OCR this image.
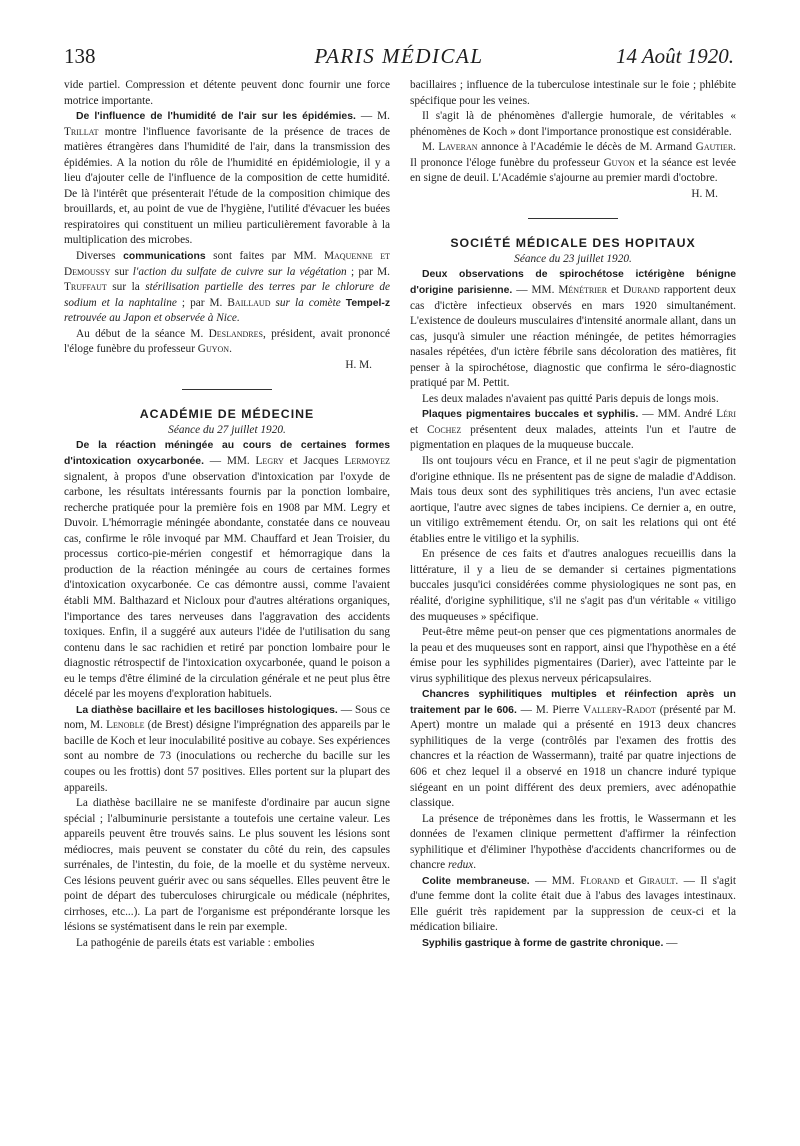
138	PARIS MÉDICAL	14 Août 1920.

vide partiel. Compression et détente peuvent donc fournir une force motrice importante.

De l'influence de l'humidité de l'air sur les épidémies. — M. Trillat montre l'influence favorisante de la présence de traces de matières étrangères dans l'humidité de l'air, dans la transmission des épidémies. A la notion du rôle de l'humidité en épidémiologie, il y a lieu d'ajouter celle de l'influence de la composition de cette humidité. De là l'intérêt que présenterait l'étude de la composition chimique des brouillards, et, au point de vue de l'hygiène, l'utilité d'évacuer les buées respiratoires qui constituent un milieu particulièrement favorable à la multiplication des microbes.

Diverses communications sont faites par MM. Maquenne et Demoussy sur l'action du sulfate de cuivre sur la végétation ; par M. Truffaut sur la stérilisation partielle des terres par le chlorure de sodium et la naphtaline ; par M. Baillaud sur la comète Tempel-z retrouvée au Japon et observée à Nice.

Au début de la séance M. Deslandres, président, avait prononcé l'éloge funèbre du professeur Guyon.

H. M.

ACADÉMIE DE MÉDECINE

Séance du 27 juillet 1920.

De la réaction méningée au cours de certaines formes d'intoxication oxycarbonée. — MM. Legry et Jacques Lermoyez signalent, à propos d'une observation d'intoxication par l'oxyde de carbone, les résultats intéressants fournis par la ponction lombaire, recherche pratiquée pour la première fois en 1908 par MM. Legry et Duvoir. L'hémorragie méningée abondante, constatée dans ce nouveau cas, confirme le rôle invoqué par MM. Chauffard et Jean Troisier, du processus cortico-pie-mérien congestif et hémorragique dans la production de la réaction méningée au cours de certaines formes d'intoxication oxycarbonée. Ce cas démontre aussi, comme l'avaient établi MM. Balthazard et Nicloux pour d'autres altérations organiques, l'importance des tares nerveuses dans l'aggravation des accidents toxiques. Enfin, il a suggéré aux auteurs l'idée de l'utilisation du sang contenu dans le sac rachidien et retiré par ponction lombaire pour le diagnostic rétrospectif de l'intoxication oxycarbonée, quand le poison a eu le temps d'être éliminé de la circulation générale et ne peut plus être décelé par les moyens d'exploration habituels.

La diathèse bacillaire et les bacilloses histologiques. — Sous ce nom, M. Lenoble (de Brest) désigne l'imprégnation des appareils par le bacille de Koch et leur inoculabilité positive au cobaye. Ses expériences sont au nombre de 73 (inoculations ou recherche du bacille sur les coupes ou les frottis) dont 57 positives. Elles portent sur la plupart des appareils.

La diathèse bacillaire ne se manifeste d'ordinaire par aucun signe spécial ; l'albuminurie persistante a toutefois une certaine valeur. Les appareils peuvent être trouvés sains. Le plus souvent les lésions sont médiocres, mais peuvent se constater du côté du rein, des capsules surrénales, de l'intestin, du foie, de la moelle et du système nerveux. Ces lésions peuvent guérir avec ou sans séquelles. Elles peuvent être le point de départ des tuberculoses chirurgicale ou médicale (néphrites, cirrhoses, etc...). La part de l'organisme est prépondérante lorsque les lésions se systématisent dans le rein par exemple.

La pathogénie de pareils états est variable : embolies

bacillaires ; influence de la tuberculose intestinale sur le foie ; phlébite spécifique pour les veines.

Il s'agit là de phénomènes d'allergie humorale, de véritables « phénomènes de Koch » dont l'importance pronostique est considérable.

M. Laveran annonce à l'Académie le décès de M. Armand Gautier. Il prononce l'éloge funèbre du professeur Guyon et la séance est levée en signe de deuil. L'Académie s'ajourne au premier mardi d'octobre.

H. M.

SOCIÉTÉ MÉDICALE DES HOPITAUX

Séance du 23 juillet 1920.

Deux observations de spirochétose ictérigène bénigne d'origine parisienne. — MM. Ménétrier et Durand rapportent deux cas d'ictère infectieux observés en mars 1920 simultanément. L'existence de douleurs musculaires d'intensité anormale allant, dans un cas, jusqu'à simuler une réaction méningée, de petites hémorragies nasales répétées, d'un ictère fébrile sans décoloration des matières, fit penser à la spirochétose, diagnostic que confirma le séro-diagnostic pratiqué par M. Pettit.

Les deux malades n'avaient pas quitté Paris depuis de longs mois.

Plaques pigmentaires buccales et syphilis. — MM. André Léri et Cochez présentent deux malades, atteints l'un et l'autre de pigmentation en plaques de la muqueuse buccale.

Ils ont toujours vécu en France, et il ne peut s'agir de pigmentation d'origine ethnique. Ils ne présentent pas de signe de maladie d'Addison. Mais tous deux sont des syphilitiques très anciens, l'un avec ectasie aortique, l'autre avec signes de tabes incipiens. Ce dernier a, en outre, un vitiligo extrêmement étendu. Or, on sait les relations qui ont été établies entre le vitiligo et la syphilis.

En présence de ces faits et d'autres analogues recueillis dans la littérature, il y a lieu de se demander si certaines pigmentations buccales jusqu'ici considérées comme physiologiques ne sont pas, en réalité, d'origine syphilitique, s'il ne s'agit pas d'un véritable « vitiligo des muqueuses » spécifique.

Peut-être même peut-on penser que ces pigmentations anormales de la peau et des muqueuses sont en rapport, ainsi que l'hypothèse en a été émise pour les syphilides pigmentaires (Darier), avec l'atteinte par le virus syphilitique des plexus nerveux péricapsulaires.

Chancres syphilitiques multiples et réinfection après un traitement par le 606. — M. Pierre Vallery-Radot (présenté par M. Apert) montre un malade qui a présenté en 1913 deux chancres syphilitiques de la verge (contrôlés par l'examen des frottis des chancres et la réaction de Wassermann), traité par quatre injections de 606 et chez lequel il a observé en 1918 un chancre induré typique siégeant en un point différent des deux premiers, avec adénopathie classique.

La présence de tréponèmes dans les frottis, le Wassermann et les données de l'examen clinique permettent d'affirmer la réinfection syphilitique et d'éliminer l'hypothèse d'accidents chancriformes ou de chancre redux.

Colite membraneuse. — MM. Florand et Girault. — Il s'agit d'une femme dont la colite était due à l'abus des lavages intestinaux. Elle guérit très rapidement par la suppression de ceux-ci et la médication biliaire.

Syphilis gastrique à forme de gastrite chronique. —
